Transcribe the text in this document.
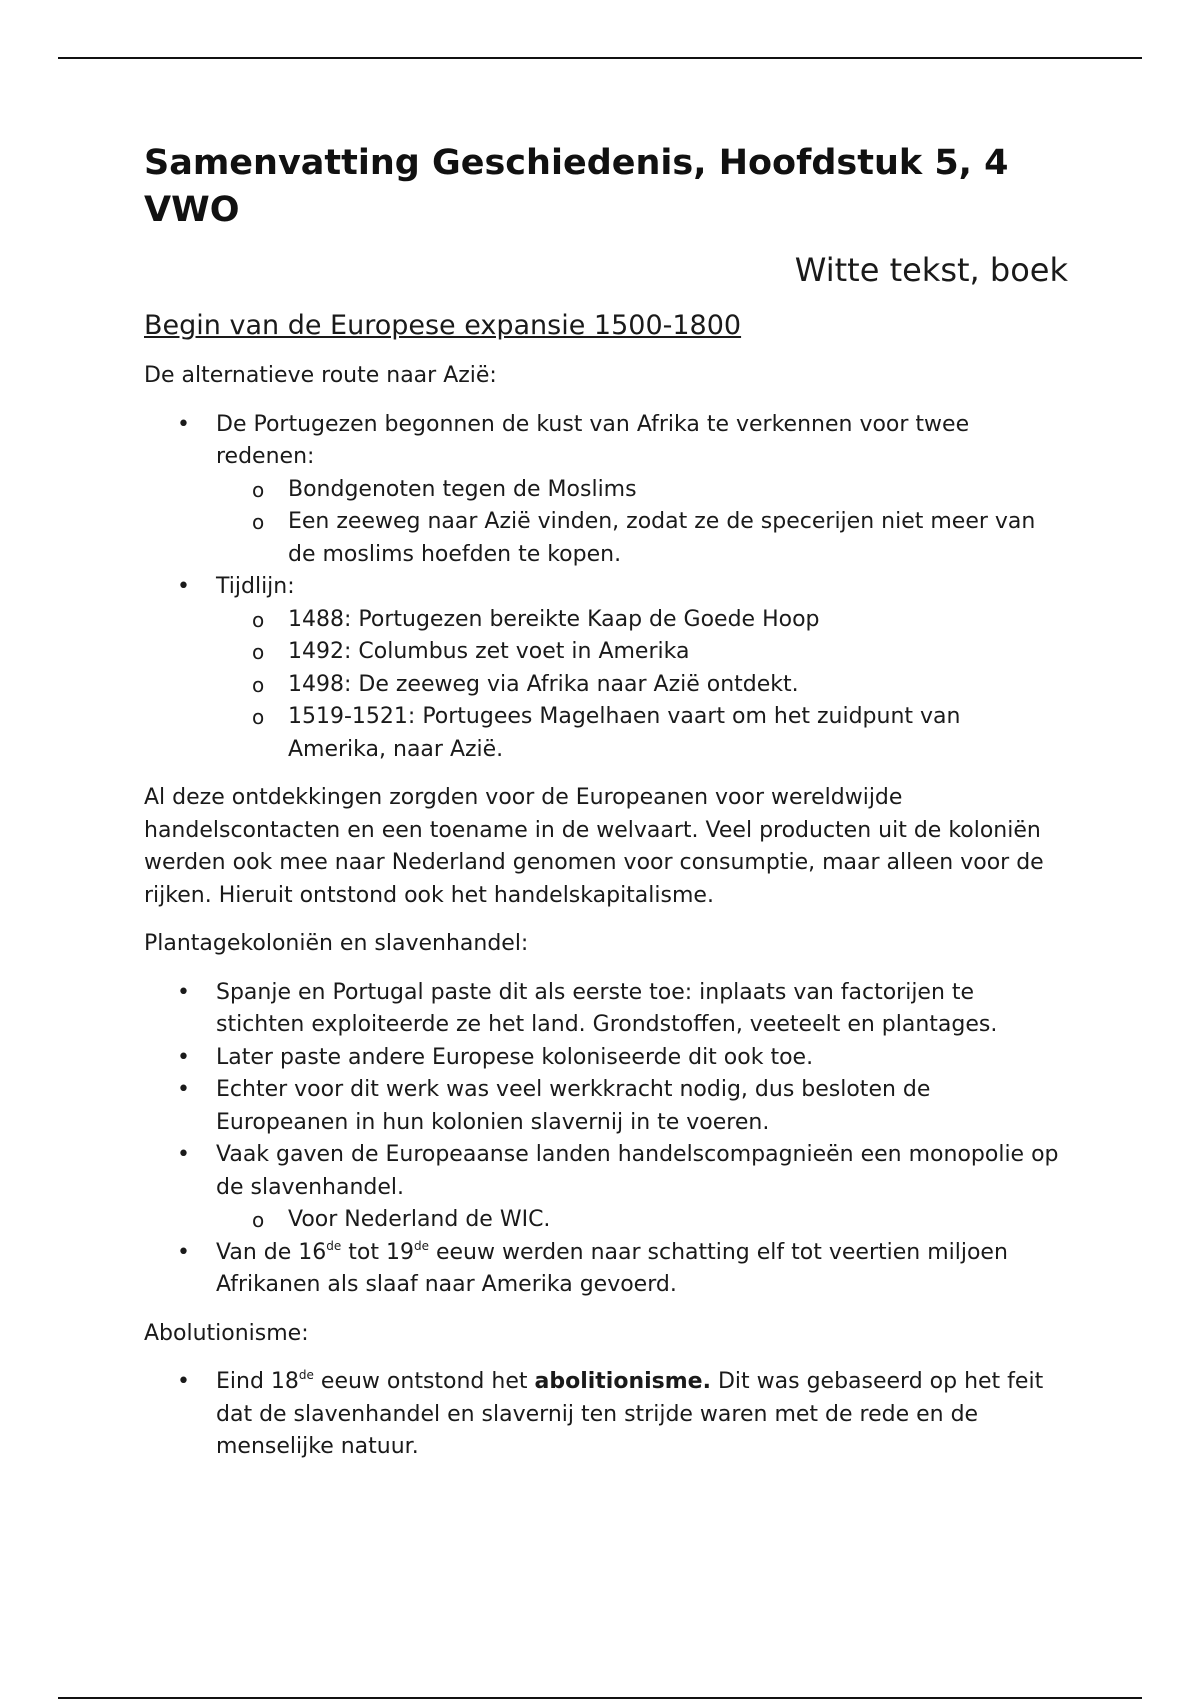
Samenvatting Geschiedenis, Hoofdstuk 5, 4 VWO
Witte tekst, boek
Begin van de Europese expansie 1500-1800

De alternatieve route naar Azië:

• De Portugezen begonnen de kust van Afrika te verkennen voor twee redenen:
o Bondgenoten tegen de Moslims
o Een zeeweg naar Azië vinden, zodat ze de specerijen niet meer van de moslims hoefden te kopen.
• Tijdlijn:
o 1488: Portugezen bereikte Kaap de Goede Hoop
o 1492: Columbus zet voet in Amerika
o 1498: De zeeweg via Afrika naar Azië ontdekt.
o 1519-1521: Portugees Magelhaen vaart om het zuidpunt van Amerika, naar Azië.

Al deze ontdekkingen zorgden voor de Europeanen voor wereldwijde handelscontacten en een toename in de welvaart. Veel producten uit de koloniën werden ook mee naar Nederland genomen voor consumptie, maar alleen voor de rijken. Hieruit ontstond ook het handelskapitalisme.

Plantagekoloniën en slavenhandel:

• Spanje en Portugal paste dit als eerste toe: inplaats van factorijen te stichten exploiteerde ze het land. Grondstoffen, veeteelt en plantages.
• Later paste andere Europese koloniseerde dit ook toe.
• Echter voor dit werk was veel werkkracht nodig, dus besloten de Europeanen in hun kolonien slavernij in te voeren.
• Vaak gaven de Europeaanse landen handelscompagnieën een monopolie op de slavenhandel.
o Voor Nederland de WIC.
• Van de 16de tot 19de eeuw werden naar schatting elf tot veertien miljoen Afrikanen als slaaf naar Amerika gevoerd.

Abolutionisme:

• Eind 18de eeuw ontstond het abolitionisme. Dit was gebaseerd op het feit dat de slavenhandel en slavernij ten strijde waren met de rede en de menselijke natuur.
